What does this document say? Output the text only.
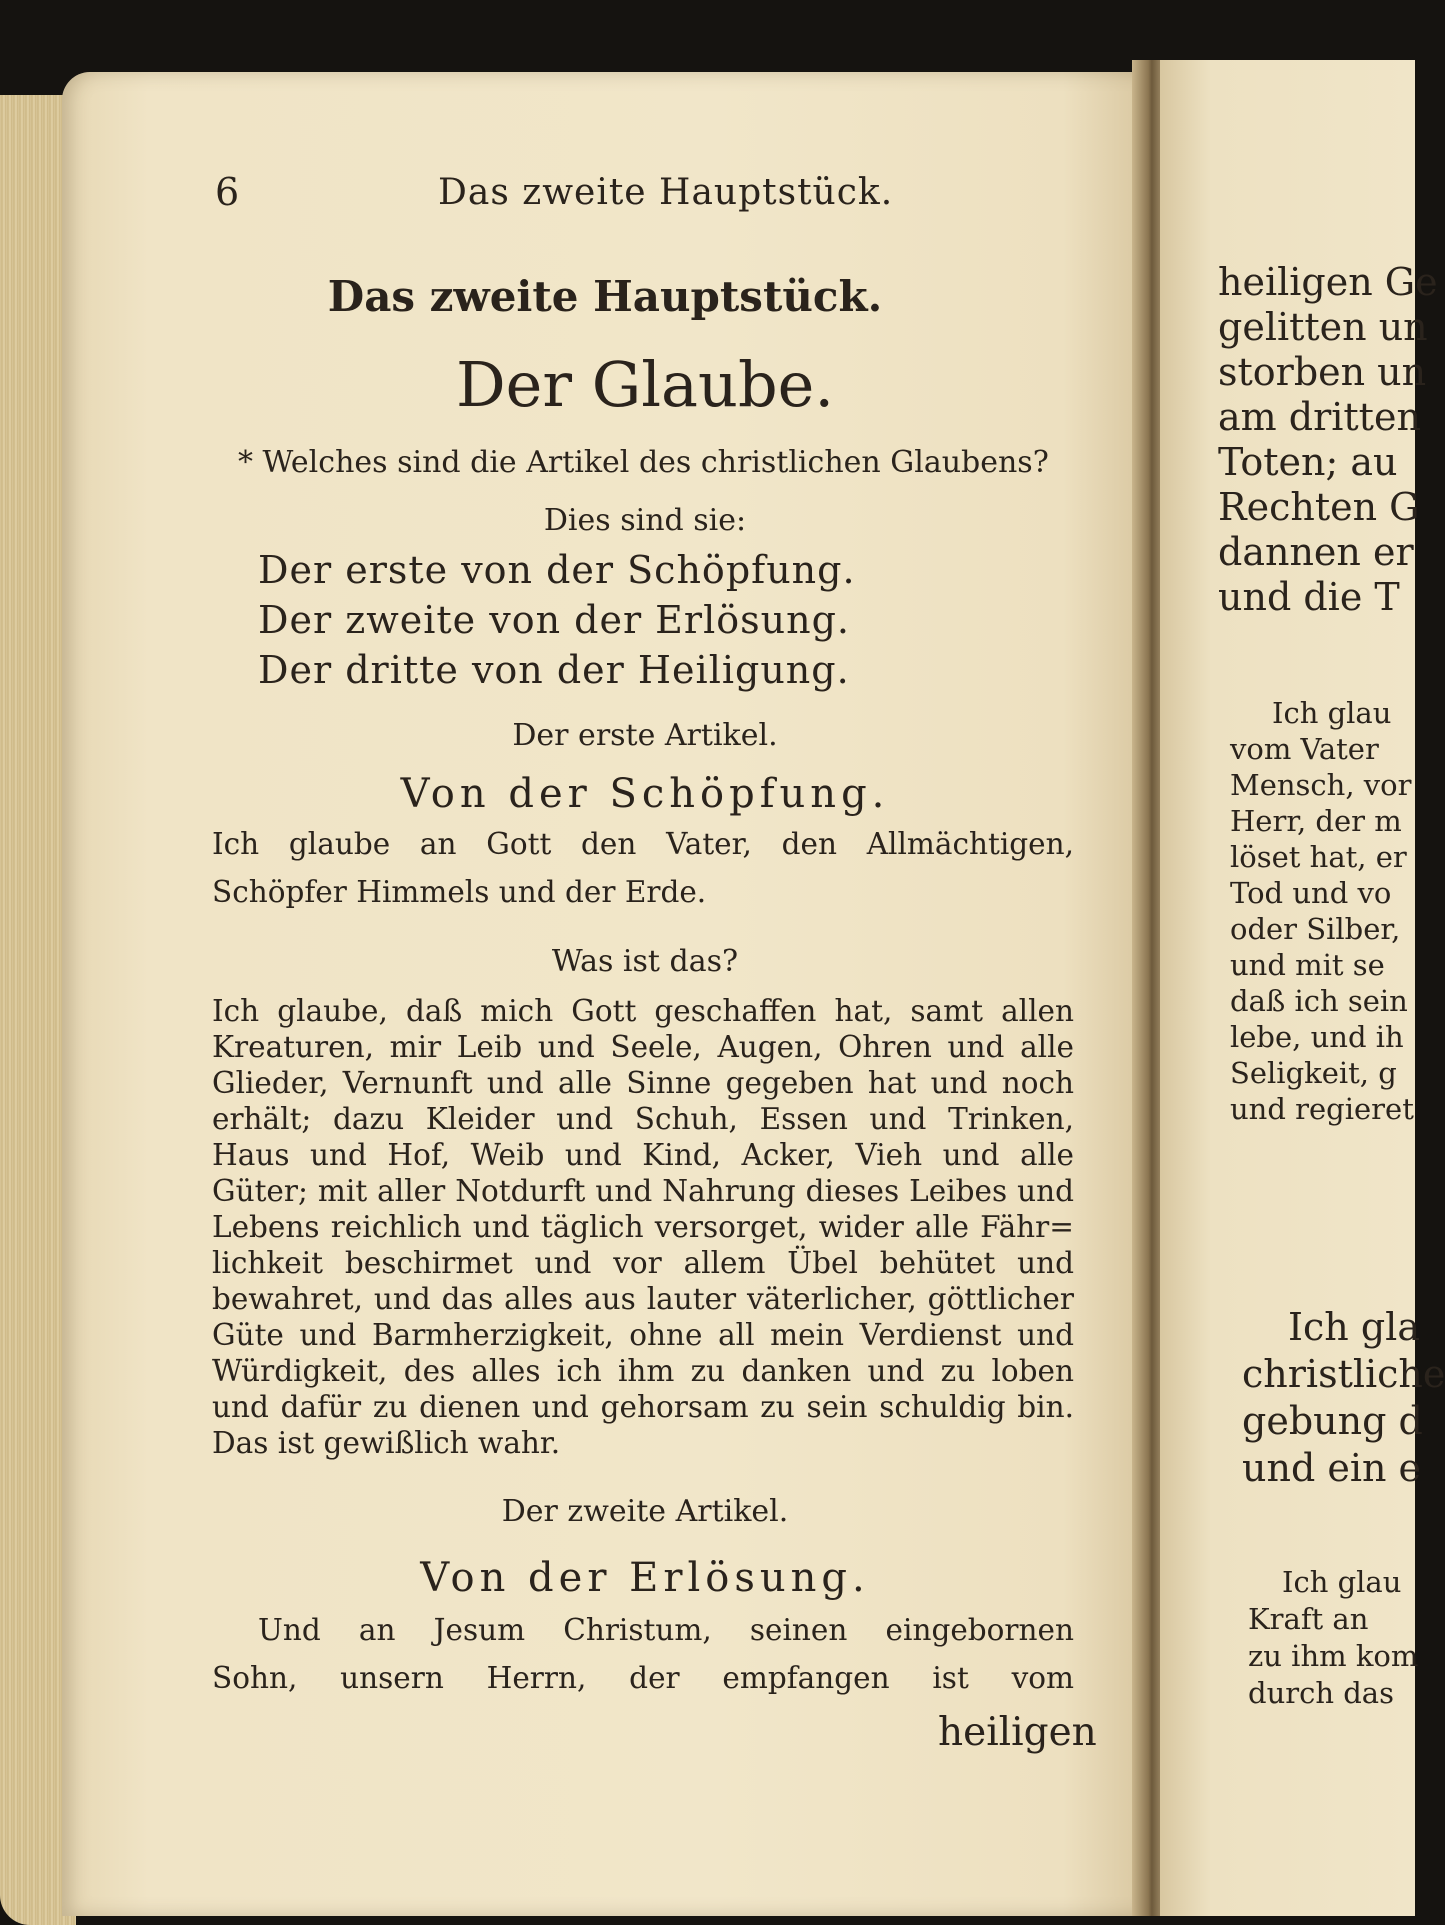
6	Das zweite Hauptstück.
Das zweite Hauptstück.
Der Glaube.
* Welches sind die Artikel des christlichen Glaubens?
Dies sind sie:
Der erste von der Schöpfung.
Der zweite von der Erlösung.
Der dritte von der Heiligung.
Der erste Artikel.
Von der Schöpfung.
Ich glaube an Gott den Vater, den Allmächtigen,
Schöpfer Himmels und der Erde.
Was ist das?
Ich glaube, daß mich Gott geschaffen hat, samt allen
Kreaturen, mir Leib und Seele, Augen, Ohren und alle
Glieder, Vernunft und alle Sinne gegeben hat und noch
erhält; dazu Kleider und Schuh, Essen und Trinken,
Haus und Hof, Weib und Kind, Acker, Vieh und alle
Güter; mit aller Notdurft und Nahrung dieses Leibes und
Lebens reichlich und täglich versorget, wider alle Fähr=
lichkeit beschirmet und vor allem Übel behütet und
bewahret, und das alles aus lauter väterlicher, göttlicher
Güte und Barmherzigkeit, ohne all mein Verdienst und
Würdigkeit, des alles ich ihm zu danken und zu loben
und dafür zu dienen und gehorsam zu sein schuldig bin.
Das ist gewißlich wahr.
Der zweite Artikel.
Von der Erlösung.
Und an Jesum Christum, seinen eingebornen
Sohn, unsern Herrn, der empfangen ist vom
heiligen
heiligen Ge
gelitten un
storben un
am dritten
Toten; au
Rechten G
dannen er
und die T
Ich glau
vom Vater
Mensch, vor
Herr, der m
löset hat, er
Tod und vo
oder Silber,
und mit se
daß ich sein
lebe, und ih
Seligkeit, g
und regieret
Ich gla
christliche
gebung d
und ein e
Ich glau
Kraft an
zu ihm kom
durch das
